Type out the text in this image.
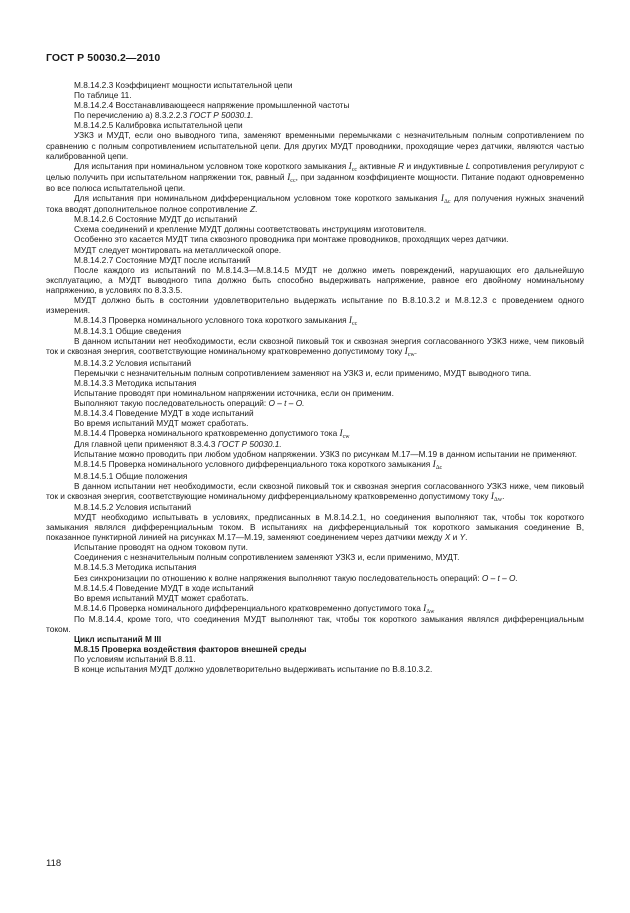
ГОСТ Р 50030.2—2010

М.8.14.2.3 Коэффициент мощности испытательной цепи

По таблице 11.

М.8.14.2.4 Восстанавливающееся напряжение промышленной частоты

По перечислению а) 8.3.2.2.3 ГОСТ Р 50030.1.

М.8.14.2.5 Калибровка испытательной цепи

УЗКЗ и МУДТ, если оно выводного типа, заменяют временными перемычками с незначительным полным сопротивлением по сравнению с полным сопротивлением испытательной цепи. Для других МУДТ проводники, проходящие через датчики, являются частью калиброванной цепи.

Для испытания при номинальном условном токе короткого замыкания $I_{cc}$ активные R и индуктивные L сопротивления регулируют с целью получить при испытательном напряжении ток, равный $I_{cc}$, при заданном коэффициенте мощности. Питание подают одновременно во все полюса испытательной цепи.

Для испытания при номинальном дифференциальном условном токе короткого замыкания $I_{\Delta c}$ для получения нужных значений тока вводят дополнительное полное сопротивление Z.

М.8.14.2.6 Состояние МУДТ до испытаний

Схема соединений и крепление МУДТ должны соответствовать инструкциям изготовителя.

Особенно это касается МУДТ типа сквозного проводника при монтаже проводников, проходящих через датчики.

МУДТ следует монтировать на металлической опоре.

М.8.14.2.7 Состояние МУДТ после испытаний

После каждого из испытаний по М.8.14.3—М.8.14.5 МУДТ не должно иметь повреждений, нарушающих его дальнейшую эксплуатацию, а МУДТ выводного типа должно быть способно выдерживать напряжение, равное его двойному номинальному напряжению, в условиях по 8.3.3.5.

МУДТ должно быть в состоянии удовлетворительно выдержать испытание по В.8.10.3.2 и М.8.12.3 с проведением одного измерения.

М.8.14.3 Проверка номинального условного тока короткого замыкания $I_{cc}$

М.8.14.3.1 Общие сведения

В данном испытании нет необходимости, если сквозной пиковый ток и сквозная энергия согласованного УЗКЗ ниже, чем пиковый ток и сквозная энергия, соответствующие номинальному кратковременно допустимому току $I_{cw}$.

М.8.14.3.2 Условия испытаний

Перемычки с незначительным полным сопротивлением заменяют на УЗКЗ и, если применимо, МУДТ выводного типа.

М.8.14.3.3 Методика испытания

Испытание проводят при номинальном напряжении источника, если он применим.

Выполняют такую последовательность операций: О – t – О.

М.8.14.3.4 Поведение МУДТ в ходе испытаний

Во время испытаний МУДТ может сработать.

М.8.14.4 Проверка номинального кратковременно допустимого тока $I_{cw}$

Для главной цепи применяют 8.3.4.3 ГОСТ Р 50030.1.

Испытание можно проводить при любом удобном напряжении. УЗКЗ по рисункам М.17—М.19 в данном испытании не применяют.

М.8.14.5 Проверка номинального условного дифференциального тока короткого замыкания $I_{\Delta c}$

М.8.14.5.1 Общие положения

В данном испытании нет необходимости, если сквозной пиковый ток и сквозная энергия согласованного УЗКЗ ниже, чем пиковый ток и сквозная энергия, соответствующие номинальному дифференциальному кратковременно допустимому току $I_{\Delta w}$.

М.8.14.5.2 Условия испытаний

МУДТ необходимо испытывать в условиях, предписанных в М.8.14.2.1, но соединения выполняют так, чтобы ток короткого замыкания являлся дифференциальным током. В испытаниях на дифференциальный ток короткого замыкания соединение В, показанное пунктирной линией на рисунках М.17—М.19, заменяют соединением через датчики между X и Y.

Испытание проводят на одном токовом пути.

Соединения с незначительным полным сопротивлением заменяют УЗКЗ и, если применимо, МУДТ.

М.8.14.5.3 Методика испытания

Без синхронизации по отношению к волне напряжения выполняют такую последовательность операций: О – t – О.

М.8.14.5.4 Поведение МУДТ в ходе испытаний

Во время испытаний МУДТ может сработать.

М.8.14.6 Проверка номинального дифференциального кратковременно допустимого тока $I_{\Delta w}$

По М.8.14.4, кроме того, что соединения МУДТ выполняют так, чтобы ток короткого замыкания являлся дифференциальным током.

Цикл испытаний М III

М.8.15 Проверка воздействия факторов внешней среды

По условиям испытаний В.8.11.

В конце испытания МУДТ должно удовлетворительно выдерживать испытание по В.8.10.3.2.

118
